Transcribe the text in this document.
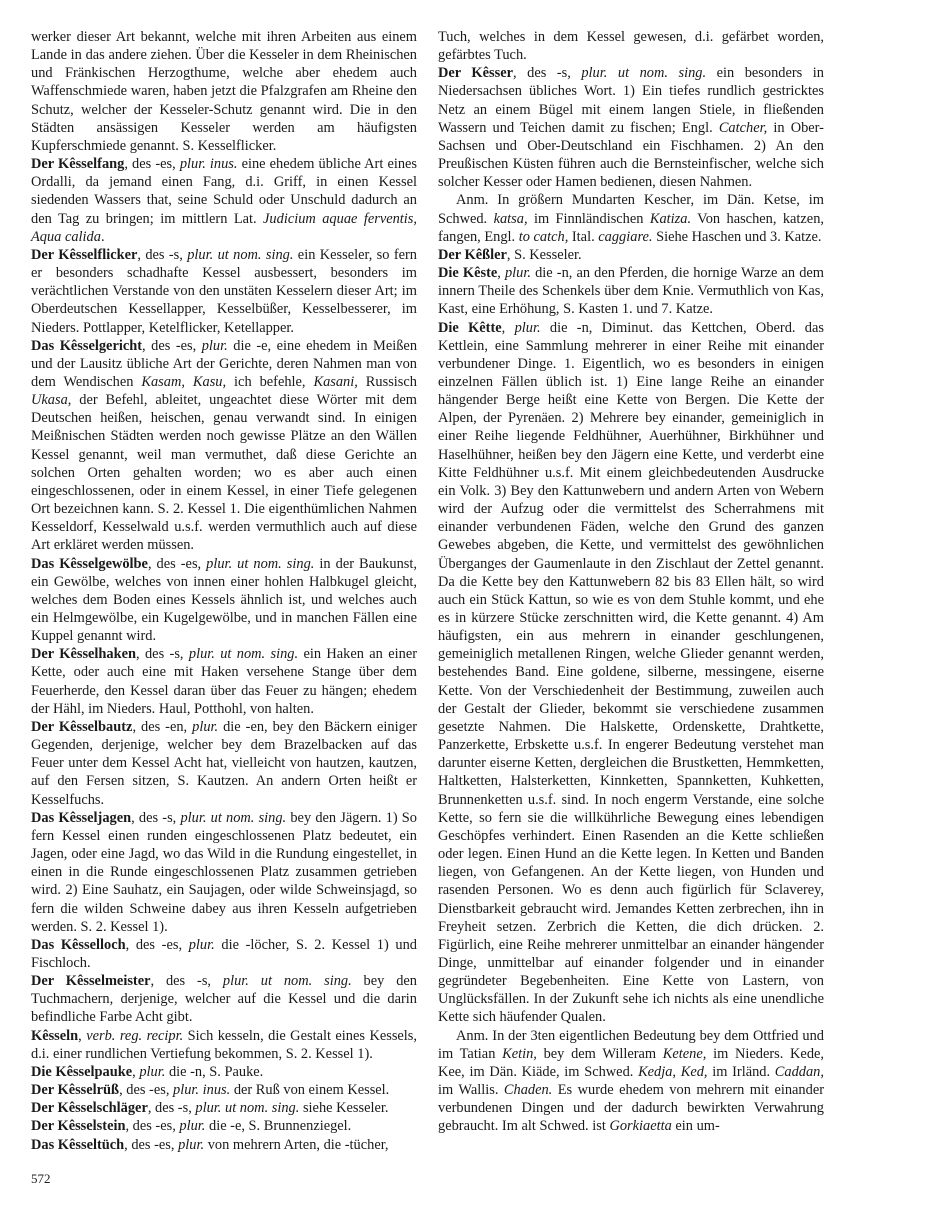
werker dieser Art bekannt, welche mit ihren Arbeiten aus einem Lande in das andere ziehen. Über die Kesseler in dem Rheinischen und Fränkischen Herzogthume, welche aber ehedem auch Waffenschmiede waren, haben jetzt die Pfalzgrafen am Rheine den Schutz, welcher der Kesseler-Schutz genannt wird. Die in den Städten ansässigen Kesseler werden am häufigsten Kupferschmiede genannt. S. Kesselflicker.

Der Kêsselfang, des -es, plur. inus. eine ehedem übliche Art eines Ordalli, da jemand einen Fang, d.i. Griff, in einen Kessel siedenden Wassers that, seine Schuld oder Unschuld dadurch an den Tag zu bringen; im mittlern Lat. Judicium aquae ferventis, Aqua calida.

Der Kêsselflicker, des -s, plur. ut nom. sing. ein Kesseler, so fern er besonders schadhafte Kessel ausbessert, besonders im verächtlichen Verstande von den unstäten Kesselern dieser Art; im Oberdeutschen Kessellapper, Kesselbüßer, Kesselbesserer, im Nieders. Pottlapper, Ketelflicker, Ketellapper.

Das Kêsselgericht, des -es, plur. die -e, eine ehedem in Meißen und der Lausitz übliche Art der Gerichte, deren Nahmen man von dem Wendischen Kasam, Kasu, ich befehle, Kasani, Russisch Ukasa, der Befehl, ableitet, ungeachtet diese Wörter mit dem Deutschen heißen, heischen, genau verwandt sind. In einigen Meißnischen Städten werden noch gewisse Plätze an den Wällen Kessel genannt, weil man vermuthet, daß diese Gerichte an solchen Orten gehalten worden; wo es aber auch einen eingeschlossenen, oder in einem Kessel, in einer Tiefe gelegenen Ort bezeichnen kann. S. 2. Kessel 1. Die eigenthümlichen Nahmen Kesseldorf, Kesselwald u.s.f. werden vermuthlich auch auf diese Art erkläret werden müssen.

Das Kêsselgewölbe, des -es, plur. ut nom. sing. in der Baukunst, ein Gewölbe, welches von innen einer hohlen Halbkugel gleicht, welches dem Boden eines Kessels ähnlich ist, und welches auch ein Helmgewölbe, ein Kugelgewölbe, und in manchen Fällen eine Kuppel genannt wird.

Der Kêsselhaken, des -s, plur. ut nom. sing. ein Haken an einer Kette, oder auch eine mit Haken versehene Stange über dem Feuerherde, den Kessel daran über das Feuer zu hängen; ehedem der Hähl, im Nieders. Haul, Potthohl, von halten.

Der Kêsselbautz, des -en, plur. die -en, bey den Bäckern einiger Gegenden, derjenige, welcher bey dem Brazelbacken auf das Feuer unter dem Kessel Acht hat, vielleicht von hautzen, kautzen, auf den Fersen sitzen, S. Kautzen. An andern Orten heißt er Kesselfuchs.

Das Kêsseljagen, des -s, plur. ut nom. sing. bey den Jägern. 1) So fern Kessel einen runden eingeschlossenen Platz bedeutet, ein Jagen, oder eine Jagd, wo das Wild in die Rundung eingestellet, in einen in die Runde eingeschlossenen Platz zusammen getrieben wird. 2) Eine Sauhatz, ein Saujagen, oder wilde Schweinsjagd, so fern die wilden Schweine dabey aus ihren Kesseln aufgetrieben werden. S. 2. Kessel 1).

Das Kêsselloch, des -es, plur. die -löcher, S. 2. Kessel 1) und Fischloch.

Der Kêsselmeister, des -s, plur. ut nom. sing. bey den Tuchmachern, derjenige, welcher auf die Kessel und die darin befindliche Farbe Acht gibt.

Kêsseln, verb. reg. recipr. Sich kesseln, die Gestalt eines Kessels, d.i. einer rundlichen Vertiefung bekommen, S. 2. Kessel 1).

Die Kêsselpauke, plur. die -n, S. Pauke.

Der Kêsselrüß, des -es, plur. inus. der Ruß von einem Kessel.

Der Kêsselschläger, des -s, plur. ut nom. sing. siehe Kesseler.

Der Kêsselstein, des -es, plur. die -e, S. Brunnenziegel.

Das Kêsseltüch, des -es, plur. von mehrern Arten, die -tücher,

Tuch, welches in dem Kessel gewesen, d.i. gefärbet worden, gefärbtes Tuch.

Der Kêsser, des -s, plur. ut nom. sing. ein besonders in Niedersachsen übliches Wort. 1) Ein tiefes rundlich gestricktes Netz an einem Bügel mit einem langen Stiele, in fließenden Wassern und Teichen damit zu fischen; Engl. Catcher, in Ober-Sachsen und Ober-Deutschland ein Fischhamen. 2) An den Preußischen Küsten führen auch die Bernsteinfischer, welche sich solcher Kesser oder Hamen bedienen, diesen Nahmen.

Anm. In größern Mundarten Kescher, im Dän. Ketse, im Schwed. katsa, im Finnländischen Katiza. Von haschen, katzen, fangen, Engl. to catch, Ital. caggiare. Siehe Haschen und 3. Katze.

Der Kêßler, S. Kesseler.

Die Kêste, plur. die -n, an den Pferden, die hornige Warze an dem innern Theile des Schenkels über dem Knie. Vermuthlich von Kas, Kast, eine Erhöhung, S. Kasten 1. und 7. Katze.

Die Kêtte, plur. die -n, Diminut. das Kettchen, Oberd. das Kettlein, eine Sammlung mehrerer in einer Reihe mit einander verbundener Dinge. 1. Eigentlich, wo es besonders in einigen einzelnen Fällen üblich ist. 1) Eine lange Reihe an einander hängender Berge heißt eine Kette von Bergen. Die Kette der Alpen, der Pyrenäen. 2) Mehrere bey einander, gemeiniglich in einer Reihe liegende Feldhühner, Auerhühner, Birkhühner und Haselhühner, heißen bey den Jägern eine Kette, und verderbt eine Kitte Feldhühner u.s.f. Mit einem gleichbedeutenden Ausdrucke ein Volk. 3) Bey den Kattunwebern und andern Arten von Webern wird der Aufzug oder die vermittelst des Scherrahmens mit einander verbundenen Fäden, welche den Grund des ganzen Gewebes abgeben, die Kette, und vermittelst des gewöhnlichen Überganges der Gaumenlaute in den Zischlaut der Zettel genannt. Da die Kette bey den Kattunwebern 82 bis 83 Ellen hält, so wird auch ein Stück Kattun, so wie es von dem Stuhle kommt, und ehe es in kürzere Stücke zerschnitten wird, die Kette genannt. 4) Am häufigsten, ein aus mehrern in einander geschlungenen, gemeiniglich metallenen Ringen, welche Glieder genannt werden, bestehendes Band. Eine goldene, silberne, messingene, eiserne Kette. Von der Verschiedenheit der Bestimmung, zuweilen auch der Gestalt der Glieder, bekommt sie verschiedene zusammen gesetzte Nahmen. Die Halskette, Ordenskette, Drahtkette, Panzerkette, Erbskette u.s.f. In engerer Bedeutung verstehet man darunter eiserne Ketten, dergleichen die Brustketten, Hemmketten, Haltketten, Halsterketten, Kinnketten, Spannketten, Kuhketten, Brunnenketten u.s.f. sind. In noch engerm Verstande, eine solche Kette, so fern sie die willkührliche Bewegung eines lebendigen Geschöpfes verhindert. Einen Rasenden an die Kette schließen oder legen. Einen Hund an die Kette legen. In Ketten und Banden liegen, von Gefangenen. An der Kette liegen, von Hunden und rasenden Personen. Wo es denn auch figürlich für Sclaverey, Dienstbarkeit gebraucht wird. Jemandes Ketten zerbrechen, ihn in Freyheit setzen. Zerbrich die Ketten, die dich drücken. 2. Figürlich, eine Reihe mehrerer unmittelbar an einander hängender Dinge, unmittelbar auf einander folgender und in einander gegründeter Begebenheiten. Eine Kette von Lastern, von Unglücksfällen. In der Zukunft sehe ich nichts als eine unendliche Kette sich häufender Qualen.

Anm. In der 3ten eigentlichen Bedeutung bey dem Ottfried und im Tatian Ketin, bey dem Willeram Ketene, im Nieders. Kede, Kee, im Dän. Kiäde, im Schwed. Kedja, Ked, im Irländ. Caddan, im Wallis. Chaden. Es wurde ehedem von mehrern mit einander verbundenen Dingen und der dadurch bewirkten Verwahrung gebraucht. Im alt Schwed. ist Gorkiaetta ein um-

572
